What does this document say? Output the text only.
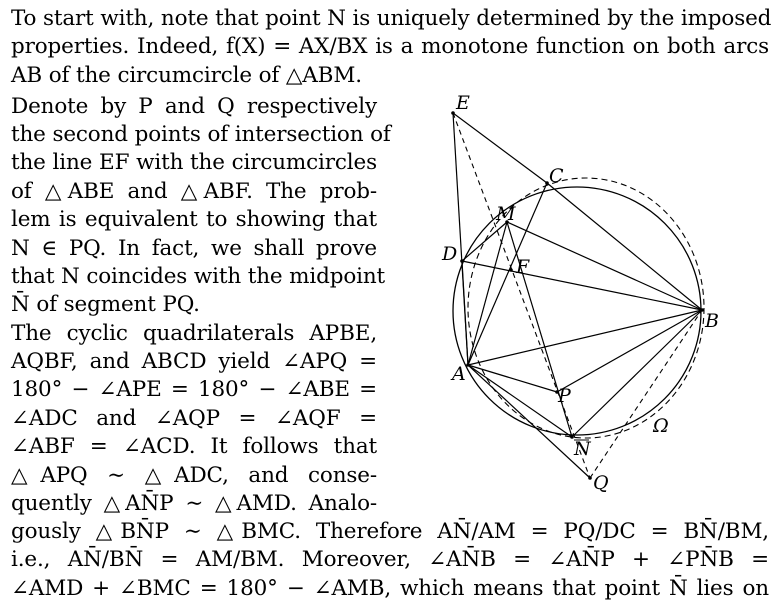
To start with, note that point N is uniquely determined by the imposed
properties. Indeed, f(X) = AX/BX is a monotone function on both arcs
AB of the circumcircle of △ABM.
Denote by P and Q respectively
the second points of intersection of
the line EF with the circumcircles
of △ABE and △ABF. The prob-
lem is equivalent to showing that
N ∈ PQ. In fact, we shall prove
that N coincides with the midpoint
N̄ of segment PQ.
The cyclic quadrilaterals APBE,
AQBF, and ABCD yield ∠APQ =
180° − ∠APE = 180° − ∠ABE =
∠ADC and ∠AQP = ∠AQF =
∠ABF = ∠ACD. It follows that
△APQ ∼ △ADC, and conse-
quently △AN̄P ∼ △AMD. Analo-
gously △BN̄P ∼ △BMC. Therefore AN̄/AM = PQ/DC = BN̄/BM,
i.e., AN̄/BN̄ = AM/BM. Moreover, ∠AN̄B = ∠AN̄P + ∠PN̄B =
∠AMD + ∠BMC = 180° − ∠AMB, which means that point N̄ lies on
E
C
M
D
F
B
A
P
N
Q
Ω
